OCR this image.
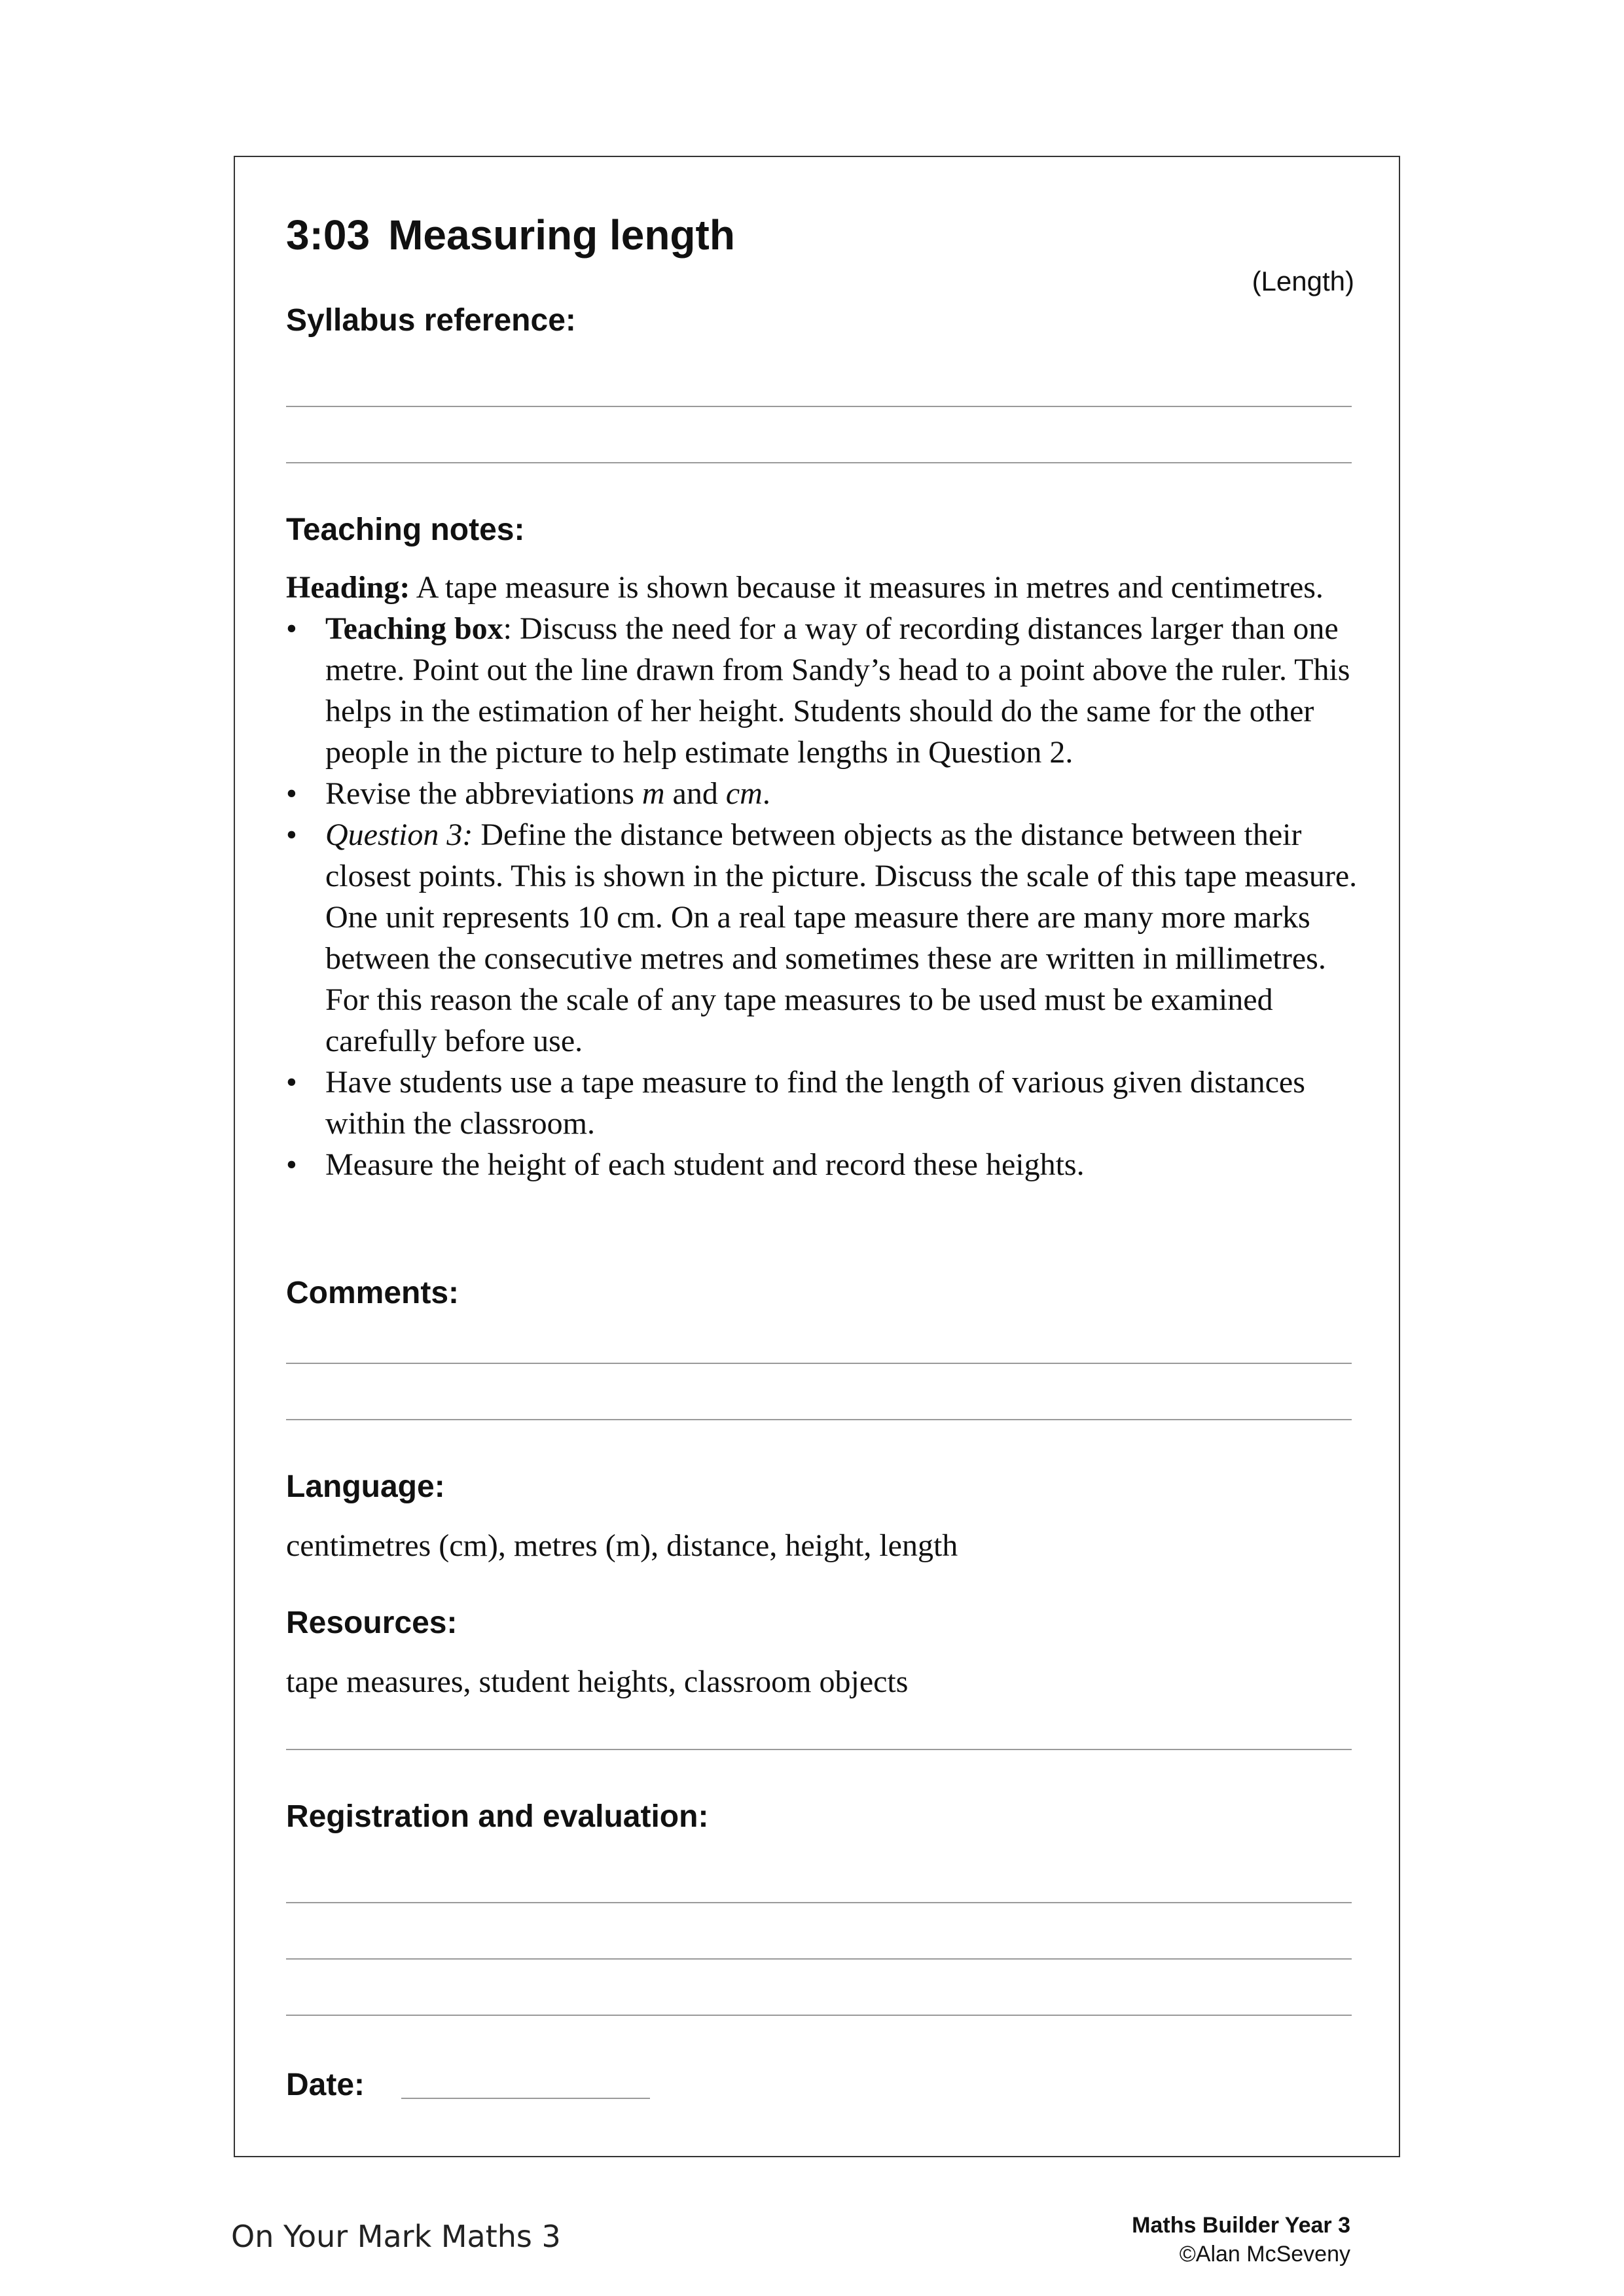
3:03 Measuring length
(Length)
Syllabus reference:
Teaching notes:

Heading: A tape measure is shown because it measures in metres and centimetres.

• Teaching box: Discuss the need for a way of recording distances larger than one metre. Point out the line drawn from Sandy’s head to a point above the ruler. This helps in the estimation of her height. Students should do the same for the other people in the picture to help estimate lengths in Question 2.
• Revise the abbreviations m and cm.
• Question 3: Define the distance between objects as the distance between their closest points. This is shown in the picture. Discuss the scale of this tape measure. One unit represents 10 cm. On a real tape measure there are many more marks between the consecutive metres and sometimes these are written in millimetres. For this reason the scale of any tape measures to be used must be examined carefully before use.
• Have students use a tape measure to find the length of various given distances within the classroom.
• Measure the height of each student and record these heights.
Comments:
Language:
centimetres (cm), metres (m), distance, height, length
Resources:
tape measures, student heights, classroom objects
Registration and evaluation:
Date:
On Your Mark Maths 3	Maths Builder Year 3
©Alan McSeveny
